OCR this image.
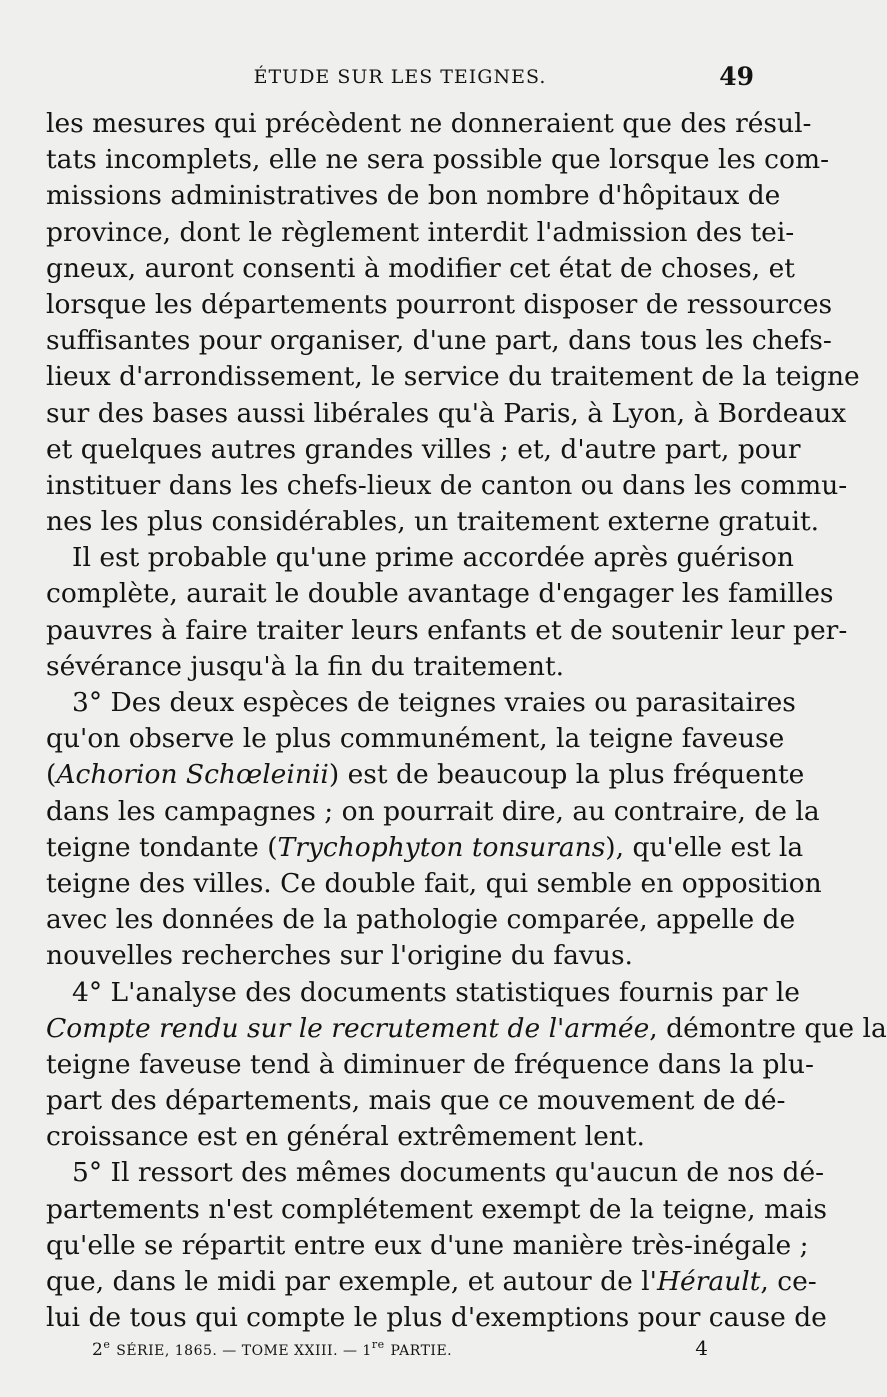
ÉTUDE SUR LES TEIGNES.	49
les mesures qui précèdent ne donneraient que des résul-
tats incomplets, elle ne sera possible que lorsque les com-
missions administratives de bon nombre d'hôpitaux de
province, dont le règlement interdit l'admission des tei-
gneux, auront consenti à modifier cet état de choses, et
lorsque les départements pourront disposer de ressources
suffisantes pour organiser, d'une part, dans tous les chefs-
lieux d'arrondissement, le service du traitement de la teigne
sur des bases aussi libérales qu'à Paris, à Lyon, à Bordeaux
et quelques autres grandes villes ; et, d'autre part, pour
instituer dans les chefs-lieux de canton ou dans les commu-
nes les plus considérables, un traitement externe gratuit.
Il est probable qu'une prime accordée après guérison
complète, aurait le double avantage d'engager les familles
pauvres à faire traiter leurs enfants et de soutenir leur per-
sévérance jusqu'à la fin du traitement.
3° Des deux espèces de teignes vraies ou parasitaires
qu'on observe le plus communément, la teigne faveuse
(Achorion Schœleinii) est de beaucoup la plus fréquente
dans les campagnes ; on pourrait dire, au contraire, de la
teigne tondante (Trychophyton tonsurans), qu'elle est la
teigne des villes. Ce double fait, qui semble en opposition
avec les données de la pathologie comparée, appelle de
nouvelles recherches sur l'origine du favus.
4° L'analyse des documents statistiques fournis par le
Compte rendu sur le recrutement de l'armée, démontre que la
teigne faveuse tend à diminuer de fréquence dans la plu-
part des départements, mais que ce mouvement de dé-
croissance est en général extrêmement lent.
5° Il ressort des mêmes documents qu'aucun de nos dé-
partements n'est complétement exempt de la teigne, mais
qu'elle se répartit entre eux d'une manière très-inégale ;
que, dans le midi par exemple, et autour de l'Hérault, ce-
lui de tous qui compte le plus d'exemptions pour cause de
2e SÉRIE, 1865. — TOME XXIII. — 1re PARTIE.	4
